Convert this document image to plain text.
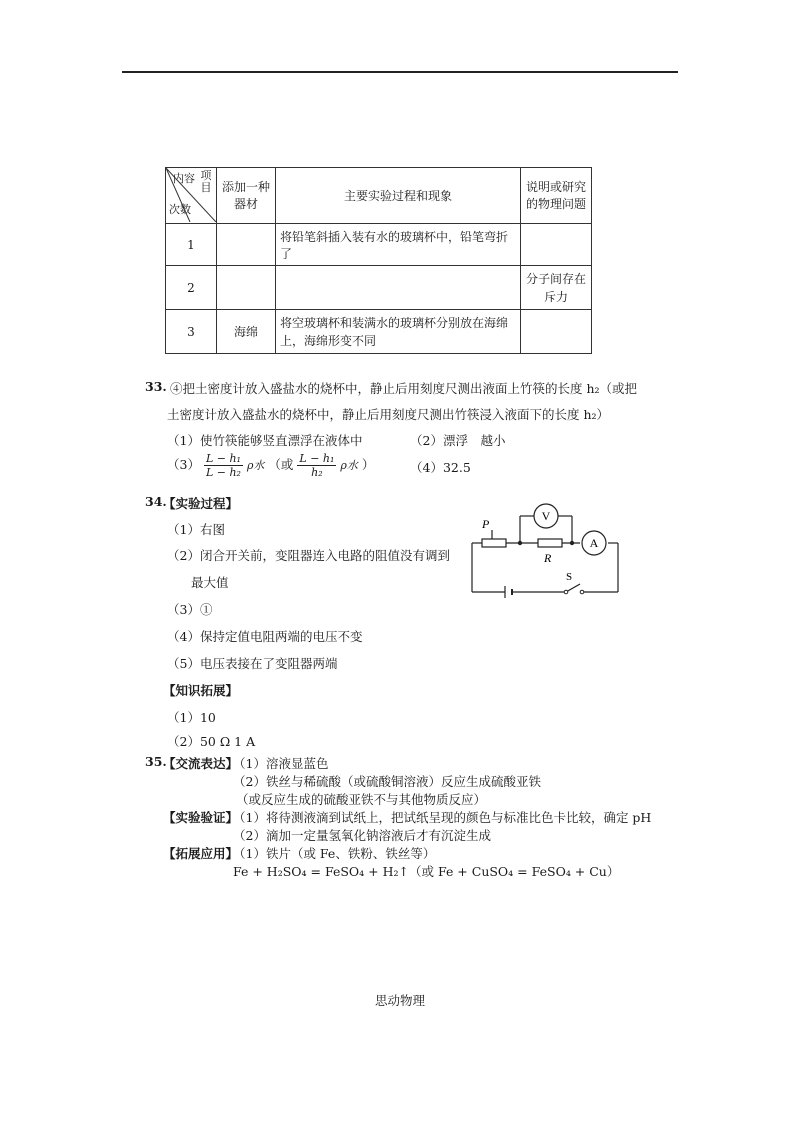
项目
内容
次数	添加一种器材	主要实验过程和现象	说明或研究的物理问题
1		将铅笔斜插入装有水的玻璃杯中，铅笔弯折了	
2			分子间存在斥力
3	海绵	将空玻璃杯和装满水的玻璃杯分别放在海绵上，海绵形变不同	
33. ④把土密度计放入盛盐水的烧杯中，静止后用刻度尺测出液面上竹筷的长度 h₂（或把
土密度计放入盛盐水的烧杯中，静止后用刻度尺测出竹筷浸入液面下的长度 h₂）
（1）使竹筷能够竖直漂浮在液体中	（2）漂浮　越小
$(3) \frac{\text{L − h₁}}{\text{L − h₂}}$ ρ水 （或 $\frac{\text{L − h₁}}{\text{h₂}}$ ρ水 ）	（4）32.5
34.
【实验过程】
（1）右图
（2）闭合开关前，变阻器连入电路的阻值没有调到
最大值
（3）①
（4）保持定值电阻两端的电压不变
（5）电压表接在了变阻器两端
【知识拓展】
（1）10
（2）50 Ω 1 A
V
A
P
R
S
35.
【交流表达】
（1）溶液显蓝色
（2）铁丝与稀硫酸（或硫酸铜溶液）反应生成硫酸亚铁
（或反应生成的硫酸亚铁不与其他物质反应）
【实验验证】
（1）将待测液滴到试纸上，把试纸呈现的颜色与标准比色卡比较，确定 pH
（2）滴加一定量氢氧化钠溶液后才有沉淀生成
【拓展应用】
（1）铁片（或 Fe、铁粉、铁丝等）
Fe + H₂SO₄ = FeSO₄ + H₂↑（或 Fe + CuSO₄ = FeSO₄ + Cu）
思动物理
